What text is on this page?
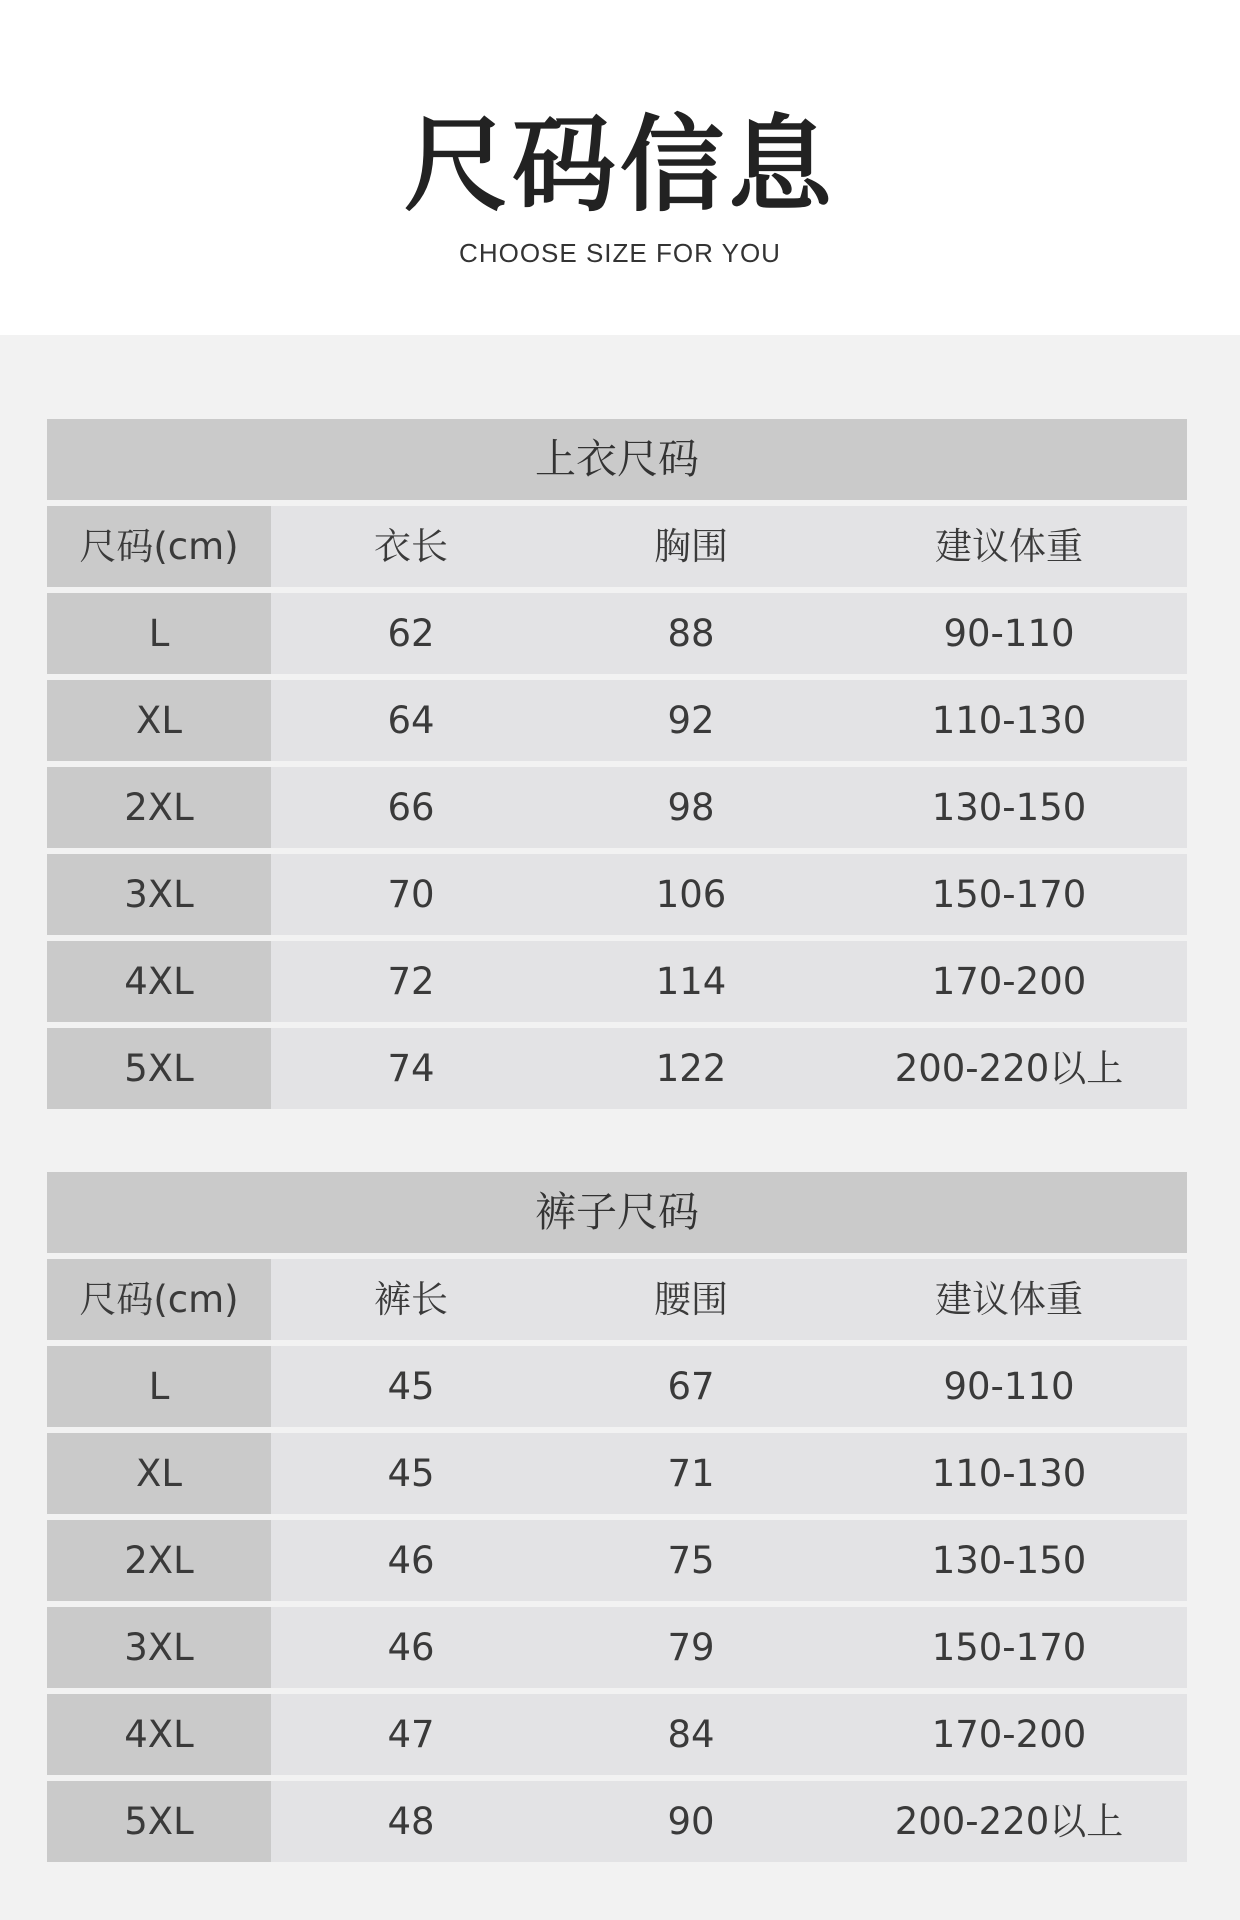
尺码信息
CHOOSE SIZE FOR YOU
上衣尺码
尺码(cm)	衣长	胸围	建议体重
L	62	88	90-110
XL	64	92	110-130
2XL	66	98	130-150
3XL	70	106	150-170
4XL	72	114	170-200
5XL	74	122	200-220以上
裤子尺码
尺码(cm)	裤长	腰围	建议体重
L	45	67	90-110
XL	45	71	110-130
2XL	46	75	130-150
3XL	46	79	150-170
4XL	47	84	170-200
5XL	48	90	200-220以上
